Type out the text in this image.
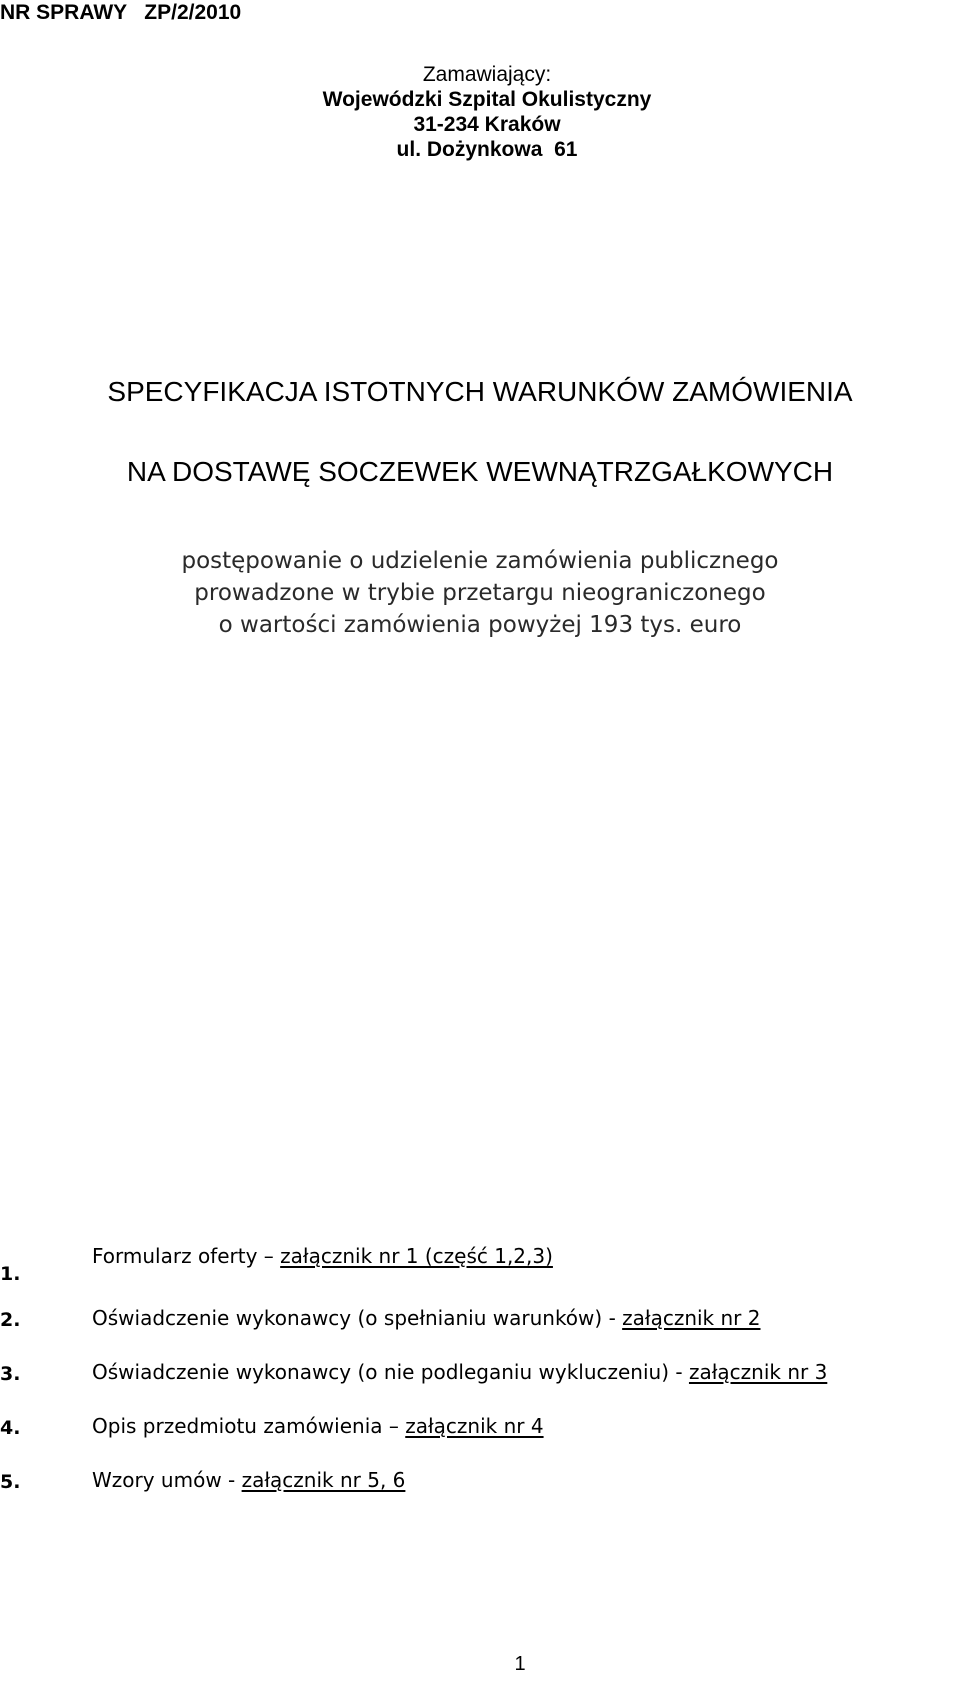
NR SPRAWY   ZP/2/2010
Zamawiający:
Wojewódzki Szpital Okulistyczny
31-234 Kraków
ul. Dożynkowa  61
SPECYFIKACJA ISTOTNYCH WARUNKÓW ZAMÓWIENIA
NA DOSTAWĘ SOCZEWEK WEWNĄTRZGAŁKOWYCH
postępowanie o udzielenie zamówienia publicznego
prowadzone w trybie przetargu nieograniczonego
o wartości zamówienia powyżej 193 tys. euro
1.
Formularz oferty – załącznik nr 1 (część 1,2,3)
2.	Oświadczenie wykonawcy (o spełnianiu warunków) - załącznik nr 2
3.	Oświadczenie wykonawcy (o nie podleganiu wykluczeniu) - załącznik nr 3
4.	Opis przedmiotu zamówienia – załącznik nr 4
5.	Wzory umów - załącznik nr 5, 6
1
